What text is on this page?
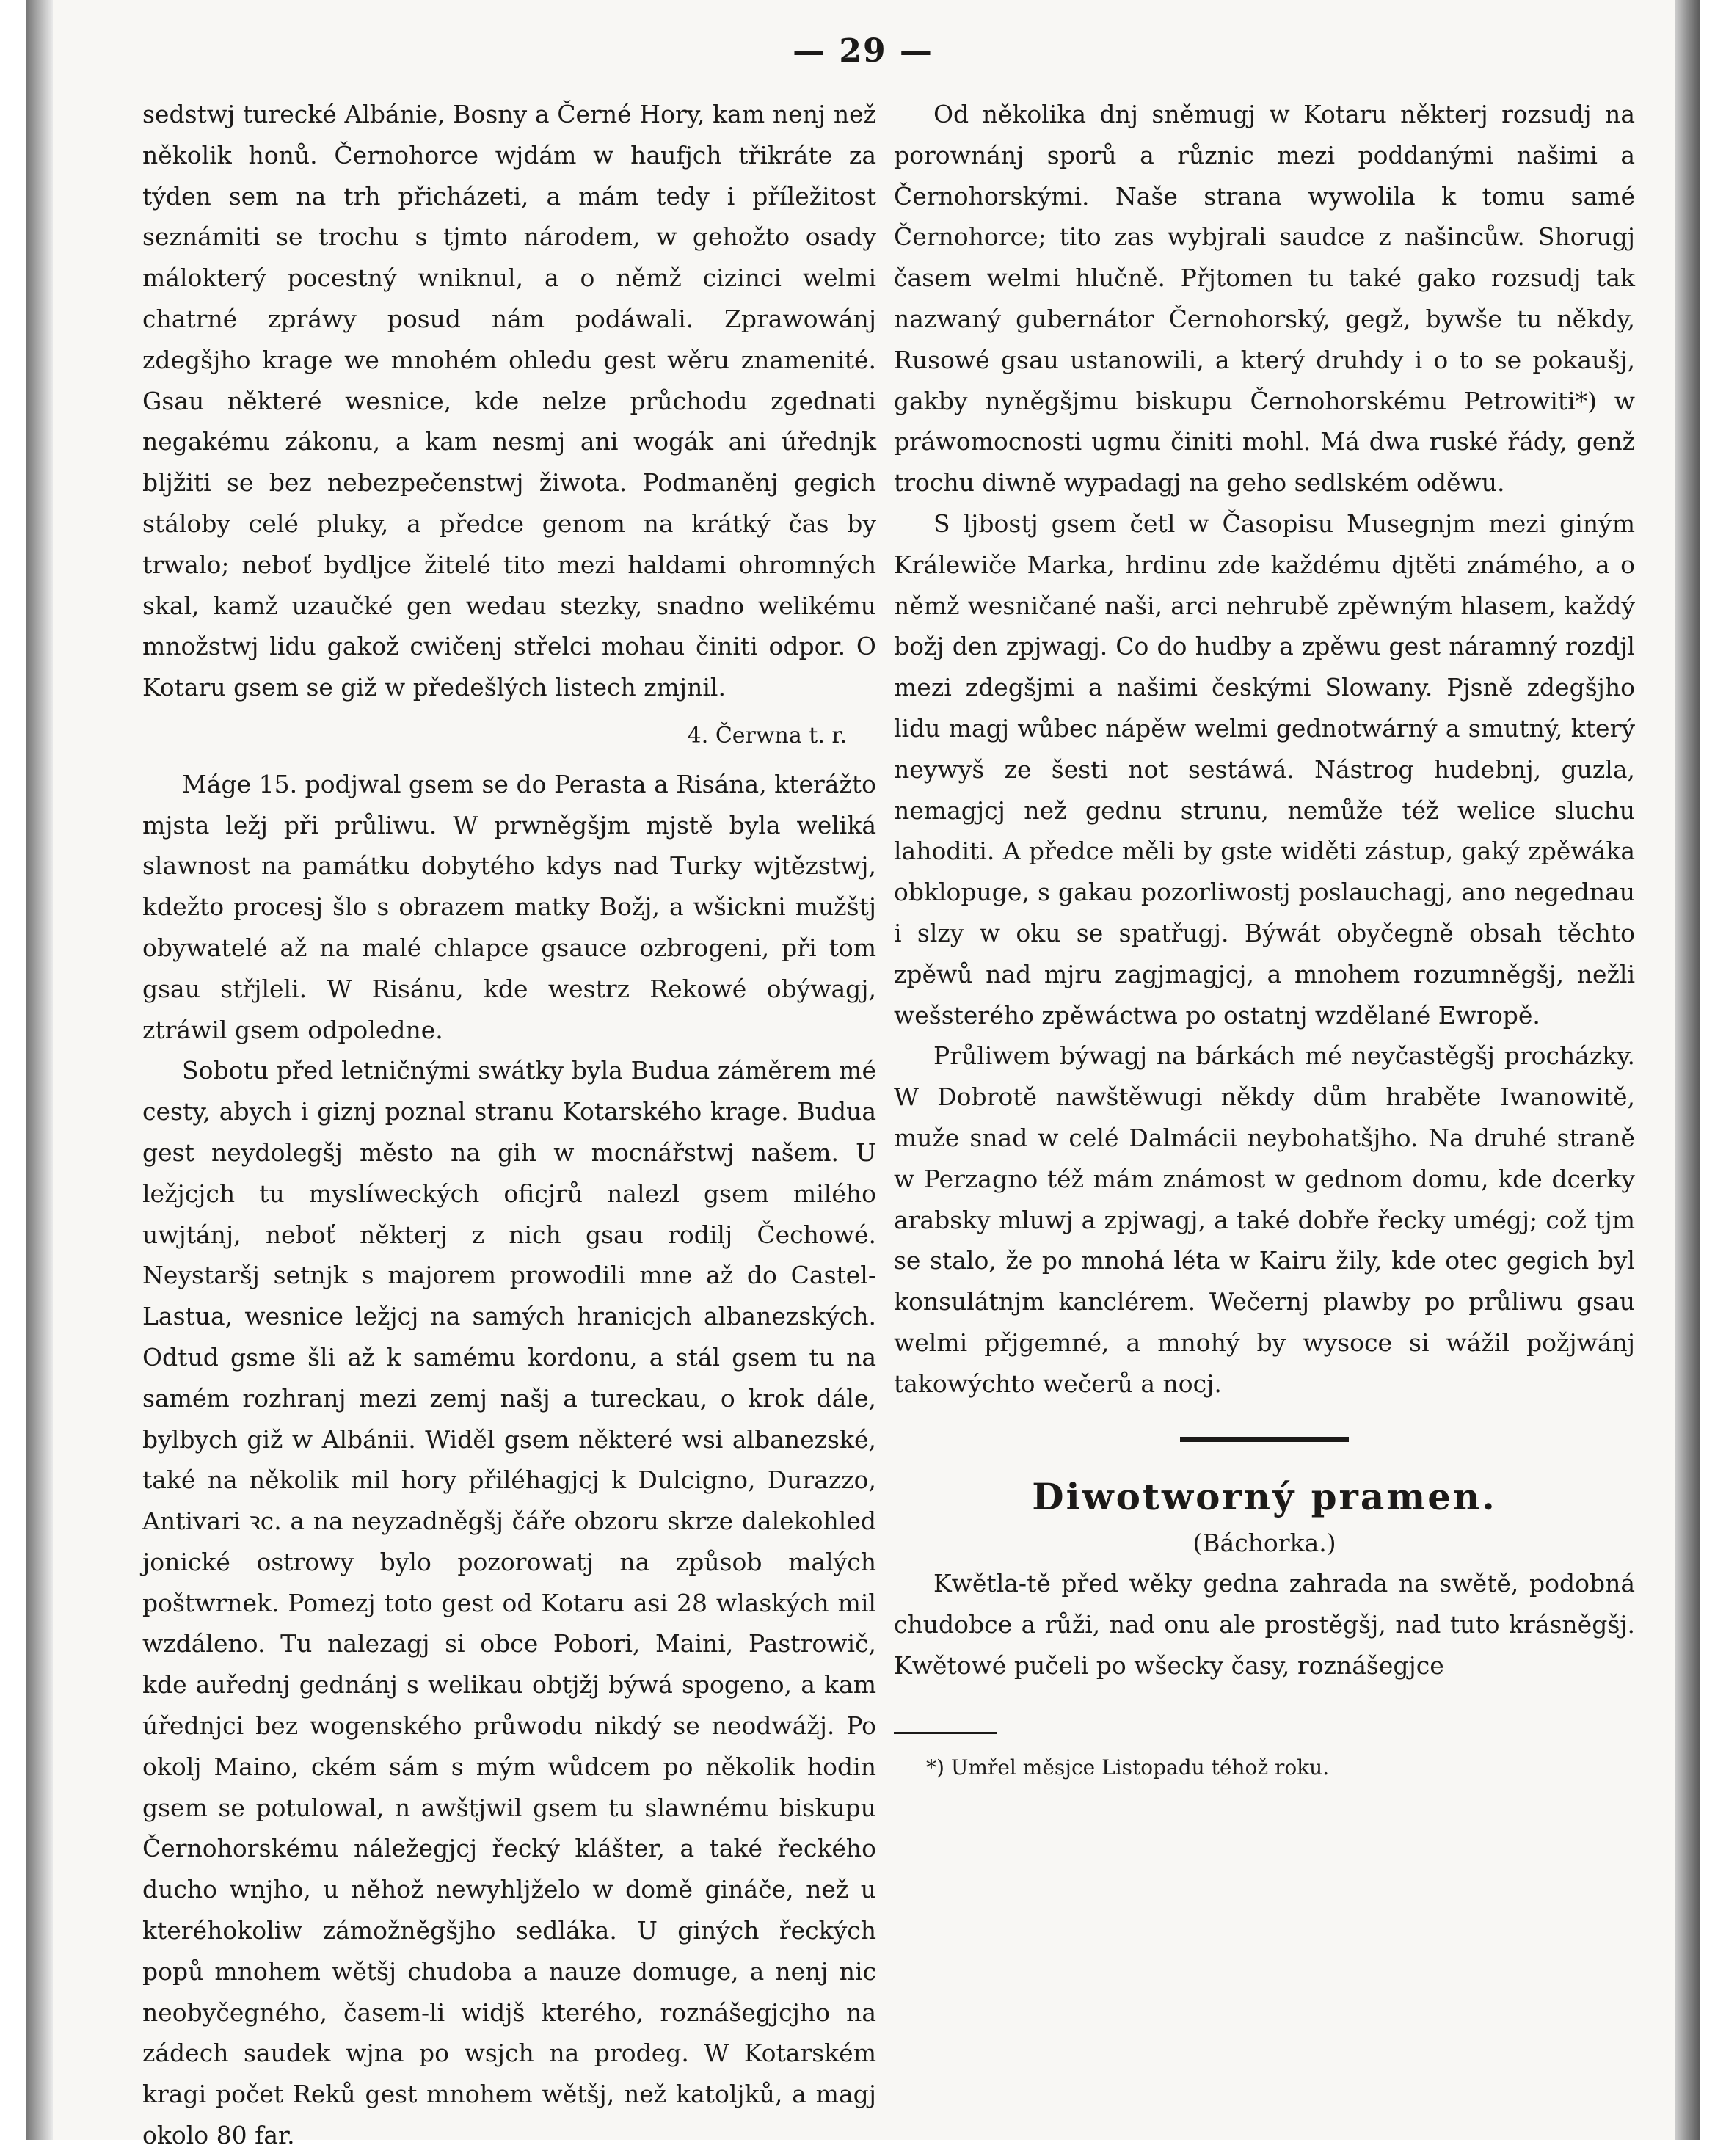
— 29 —

sedstwj turecké Albánie, Bosny a Černé Hory, kam nenj než několik honů. Černohorce wjdám w haufjch třikráte za týden sem na trh přicházeti, a mám tedy i příležitost seznámiti se trochu s tjmto národem, w gehožto osady málokterý pocestný wniknul, a o němž cizinci welmi chatrné zpráwy posud nám podáwali. Zprawowánj zdegšjho krage we mnohém ohledu gest wěru znamenité. Gsau některé wesnice, kde nelze průchodu zgednati negakému zákonu, a kam nesmj ani wogák ani úřednjk bljžiti se bez nebezpečenstwj žiwota. Podmaněnj gegich stáloby celé pluky, a předce genom na krátký čas by trwalo; neboť bydljce žitelé tito mezi haldami ohromných skal, kamž uzaučké gen wedau stezky, snadno welikému množstwj lidu gakož cwičenj střelci mohau činiti odpor. O Kotaru gsem se giž w předešlých listech zmjnil.

4. Čerwna t. r.

Máge 15. podjwal gsem se do Perasta a Risána, kterážto mjsta ležj při průliwu. W prwněgšjm mjstě byla weliká slawnost na památku dobytého kdys nad Turky wjtězstwj, kdežto procesj šlo s obrazem matky Božj, a wšickni mužštj obywatelé až na malé chlapce gsauce ozbrogeni, při tom gsau střjleli. W Risánu, kde westrz Rekowé obýwagj, ztráwil gsem odpoledne.

Sobotu před letničnými swátky byla Budua záměrem mé cesty, abych i giznj poznal stranu Kotarského krage. Budua gest neydolegšj město na gih w mocnářstwj našem. U ležjcjch tu myslíweckých oficjrů nalezl gsem milého uwjtánj, neboť některj z nich gsau rodilj Čechowé. Neystaršj setnjk s majorem prowodili mne až do Castel-Lastua, wesnice ležjcj na samých hranicjch albanezských. Odtud gsme šli až k samému kordonu, a stál gsem tu na samém rozhranj mezi zemj našj a tureckau, o krok dále, bylbych giž w Albánii. Widěl gsem některé wsi albanezské, také na několik mil hory přiléhagjcj k Dulcigno, Durazzo, Antivari ꝛc. a na neyzadněgšj čáře obzoru skrze dalekohled jonické ostrowy bylo pozorowatj na způsob malých poštwrnek. Pomezj toto gest od Kotaru asi 28 wlaských mil wzdáleno. Tu nalezagj si obce Pobori, Maini, Pastrowič, kde auřednj gednánj s welikau obtjžj býwá spogeno, a kam úřednjci bez wogenského průwodu nikdý se neodwážj. Po okolj Maino, ckém sám s mým wůdcem po několik hodin gsem se potulowal, n awštjwil gsem tu slawnému biskupu Černohorskému náležegjcj řecký klášter, a také řeckého ducho wnjho, u něhož newyhljželo w domě gináče, než u kteréhokoliw zámožněgšjho sedláka. U giných řeckých popů mnohem wětšj chudoba a nauze domuge, a nenj nic neobyčegného, časem-li widjš kterého, roznášegjcjho na zádech saudek wjna po wsjch na prodeg. W Kotarském kragi počet Reků gest mnohem wětšj, než katoljků, a magj okolo 80 far.

Od několika dnj sněmugj w Kotaru některj rozsudj na porownánj sporů a různic mezi poddanými našimi a Černohorskými. Naše strana wywolila k tomu samé Černohorce; tito zas wybjrali saudce z našincůw. Shorugj časem welmi hlučně. Přjtomen tu také gako rozsudj tak nazwaný gubernátor Černohorský, gegž, bywše tu někdy, Rusowé gsau ustanowili, a který druhdy i o to se pokaušj, gakby nyněgšjmu biskupu Černohorskému Petrowiti*) w práwomocnosti ugmu činiti mohl. Má dwa ruské řády, genž trochu diwně wypadagj na geho sedlském oděwu.

S ljbostj gsem četl w Časopisu Musegnjm mezi giným Králewiče Marka, hrdinu zde každému djtěti známého, a o němž wesničané naši, arci nehrubě zpěwným hlasem, každý božj den zpjwagj. Co do hudby a zpěwu gest náramný rozdjl mezi zdegšjmi a našimi českými Slowany. Pjsně zdegšjho lidu magj wůbec nápěw welmi gednotwárný a smutný, který neywyš ze šesti not sestáwá. Nástrog hudebnj, guzla, nemagjcj než gednu strunu, nemůže též welice sluchu lahoditi. A předce měli by gste widěti zástup, gaký zpěwáka obklopuge, s gakau pozorliwostj poslauchagj, ano negednau i slzy w oku se spatřugj. Býwát obyčegně obsah těchto zpěwů nad mjru zagjmagjcj, a mnohem rozumněgšj, nežli wešsterého zpěwáctwa po ostatnj wzdělané Ewropě.

Průliwem býwagj na bárkách mé neyčastěgšj procházky. W Dobrotě nawštěwugi někdy dům hraběte Iwanowitě, muže snad w celé Dalmácii neybohatšjho. Na druhé straně w Perzagno též mám známost w gednom domu, kde dcerky arabsky mluwj a zpjwagj, a také dobře řecky umégj; což tjm se stalo, že po mnohá léta w Kairu žily, kde otec gegich byl konsulátnjm kanclérem. Wečernj plawby po průliwu gsau welmi přjgemné, a mnohý by wysoce si wážil požjwánj takowýchto wečerů a nocj.

Diwotworný pramen.

(Báchorka.)

Kwětla-tě před wěky gedna zahrada na swětě, podobná chudobce a růži, nad onu ale prostěgšj, nad tuto krásněgšj. Kwětowé pučeli po wšecky časy, roznášegjce

*) Umřel měsjce Listopadu téhož roku.
